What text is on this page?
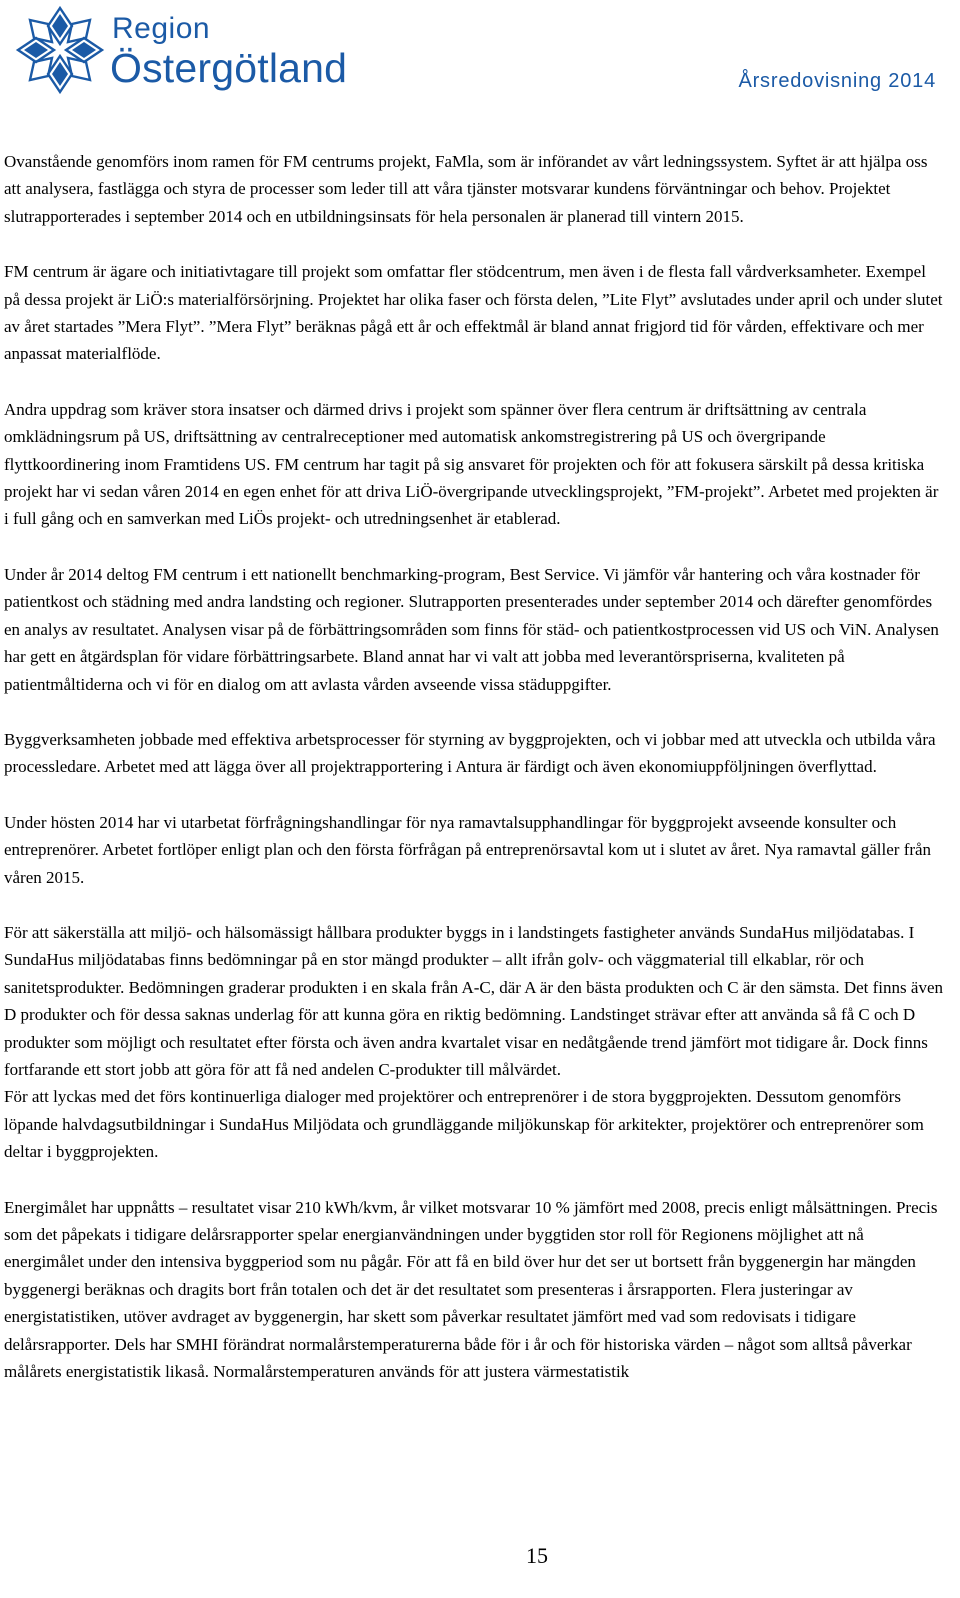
Region
Östergötland	Årsredovisning 2014

Ovanstående genomförs inom ramen för FM centrums projekt, FaMla, som är införandet av vårt ledningssystem. Syftet är att hjälpa oss att analysera, fastlägga och styra de processer som leder till att våra tjänster motsvarar kundens förväntningar och behov. Projektet slutrapporterades i september 2014 och en utbildningsinsats för hela personalen är planerad till vintern 2015.

FM centrum är ägare och initiativtagare till projekt som omfattar fler stödcentrum, men även i de flesta fall vårdverksamheter. Exempel på dessa projekt är LiÖ:s materialförsörjning. Projektet har olika faser och första delen, ”Lite Flyt” avslutades under april och under slutet av året startades ”Mera Flyt”. ”Mera Flyt” beräknas pågå ett år och effektmål är bland annat frigjord tid för vården, effektivare och mer anpassat materialflöde.

Andra uppdrag som kräver stora insatser och därmed drivs i projekt som spänner över flera centrum är driftsättning av centrala omklädningsrum på US, driftsättning av centralreceptioner med automatisk ankomstregistrering på US och övergripande flyttkoordinering inom Framtidens US. FM centrum har tagit på sig ansvaret för projekten och för att fokusera särskilt på dessa kritiska projekt har vi sedan våren 2014 en egen enhet för att driva LiÖ-övergripande utvecklingsprojekt, ”FM-projekt”. Arbetet med projekten är i full gång och en samverkan med LiÖs projekt- och utredningsenhet är etablerad.

Under år 2014 deltog FM centrum i ett nationellt benchmarking-program, Best Service. Vi jämför vår hantering och våra kostnader för patientkost och städning med andra landsting och regioner. Slutrapporten presenterades under september 2014 och därefter genomfördes en analys av resultatet. Analysen visar på de förbättringsområden som finns för städ- och patientkostprocessen vid US och ViN. Analysen har gett en åtgärdsplan för vidare förbättringsarbete. Bland annat har vi valt att jobba med leverantörspriserna, kvaliteten på patientmåltiderna och vi för en dialog om att avlasta vården avseende vissa städuppgifter.

Byggverksamheten jobbade med effektiva arbetsprocesser för styrning av byggprojekten, och vi jobbar med att utveckla och utbilda våra processledare. Arbetet med att lägga över all projektrapportering i Antura är färdigt och även ekonomiuppföljningen överflyttad.

Under hösten 2014 har vi utarbetat förfrågningshandlingar för nya ramavtalsupphandlingar för byggprojekt avseende konsulter och entreprenörer. Arbetet fortlöper enligt plan och den första förfrågan på entreprenörsavtal kom ut i slutet av året. Nya ramavtal gäller från våren 2015.

För att säkerställa att miljö- och hälsomässigt hållbara produkter byggs in i landstingets fastigheter används SundaHus miljödatabas. I SundaHus miljödatabas finns bedömningar på en stor mängd produkter – allt ifrån golv- och väggmaterial till elkablar, rör och sanitetsprodukter. Bedömningen graderar produkten i en skala från A-C, där A är den bästa produkten och C är den sämsta. Det finns även D produkter och för dessa saknas underlag för att kunna göra en riktig bedömning. Landstinget strävar efter att använda så få C och D produkter som möjligt och resultatet efter första och även andra kvartalet visar en nedåtgående trend jämfört mot tidigare år. Dock finns fortfarande ett stort jobb att göra för att få ned andelen C-produkter till målvärdet.

För att lyckas med det förs kontinuerliga dialoger med projektörer och entreprenörer i de stora byggprojekten. Dessutom genomförs löpande halvdagsutbildningar i SundaHus Miljödata och grundläggande miljökunskap för arkitekter, projektörer och entreprenörer som deltar i byggprojekten.

Energimålet har uppnåtts – resultatet visar 210 kWh/kvm, år vilket motsvarar 10 % jämfört med 2008, precis enligt målsättningen. Precis som det påpekats i tidigare delårsrapporter spelar energianvändningen under byggtiden stor roll för Regionens möjlighet att nå energimålet under den intensiva byggperiod som nu pågår. För att få en bild över hur det ser ut bortsett från byggenergin har mängden byggenergi beräknas och dragits bort från totalen och det är det resultatet som presenteras i årsrapporten. Flera justeringar av energistatistiken, utöver avdraget av byggenergin, har skett som påverkar resultatet jämfört med vad som redovisats i tidigare delårsrapporter. Dels har SMHI förändrat normalårstemperaturerna både för i år och för historiska värden – något som alltså påverkar målårets energistatistik likaså. Normalårstemperaturen används för att justera värmestatistik

15
